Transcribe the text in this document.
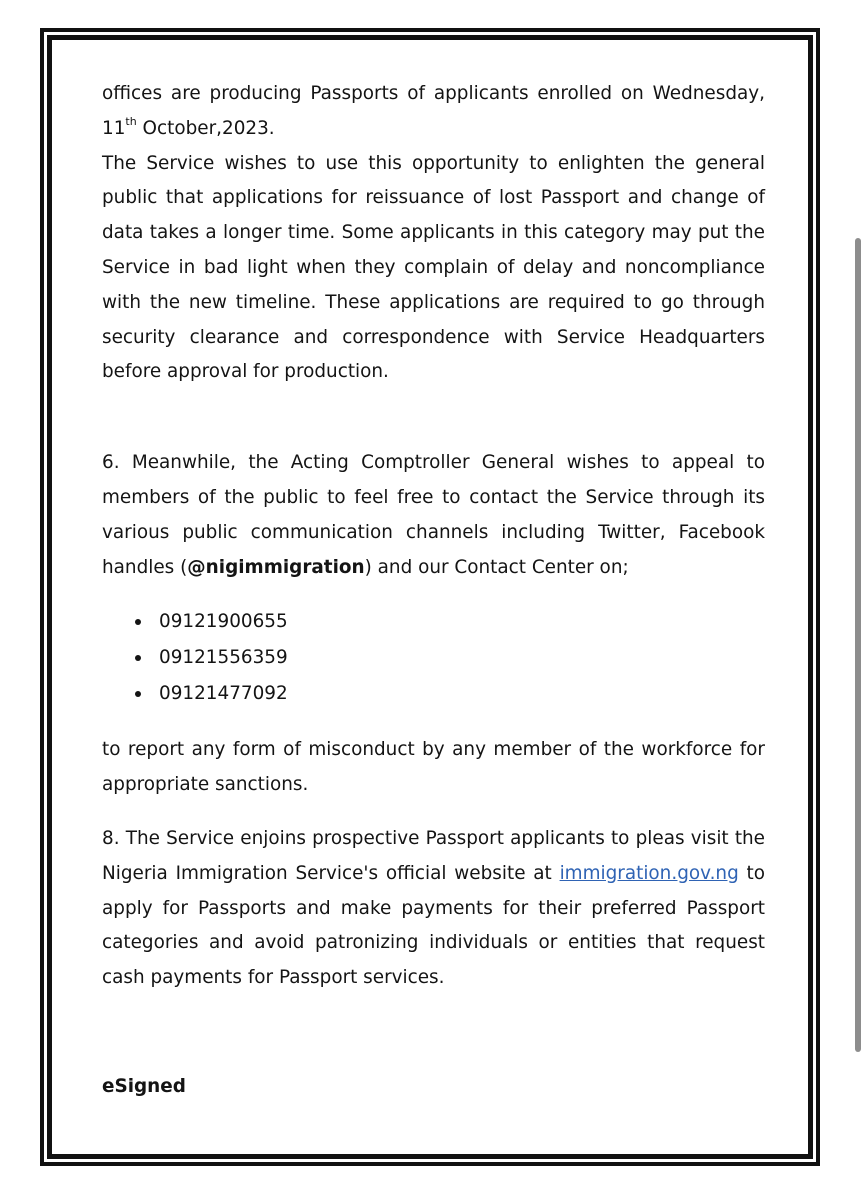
offices are producing Passports of applicants enrolled on Wednesday, 11th October,2023.

The Service wishes to use this opportunity to enlighten the general public that applications for reissuance of lost Passport and change of data takes a longer time. Some applicants in this category may put the Service in bad light when they complain of delay and noncompliance with the new timeline. These applications are required to go through security clearance and correspondence with Service Headquarters before approval for production.

6. Meanwhile, the Acting Comptroller General wishes to appeal to members of the public to feel free to contact the Service through its various public communication channels including Twitter, Facebook handles (@nigimmigration) and our Contact Center on;

09121900655
09121556359
09121477092

to report any form of misconduct by any member of the workforce for appropriate sanctions.

8. The Service enjoins prospective Passport applicants to pleas visit the Nigeria Immigration Service's official website at immigration.gov.ng to apply for Passports and make payments for their preferred Passport categories and avoid patronizing individuals or entities that request cash payments for Passport services.

eSigned
